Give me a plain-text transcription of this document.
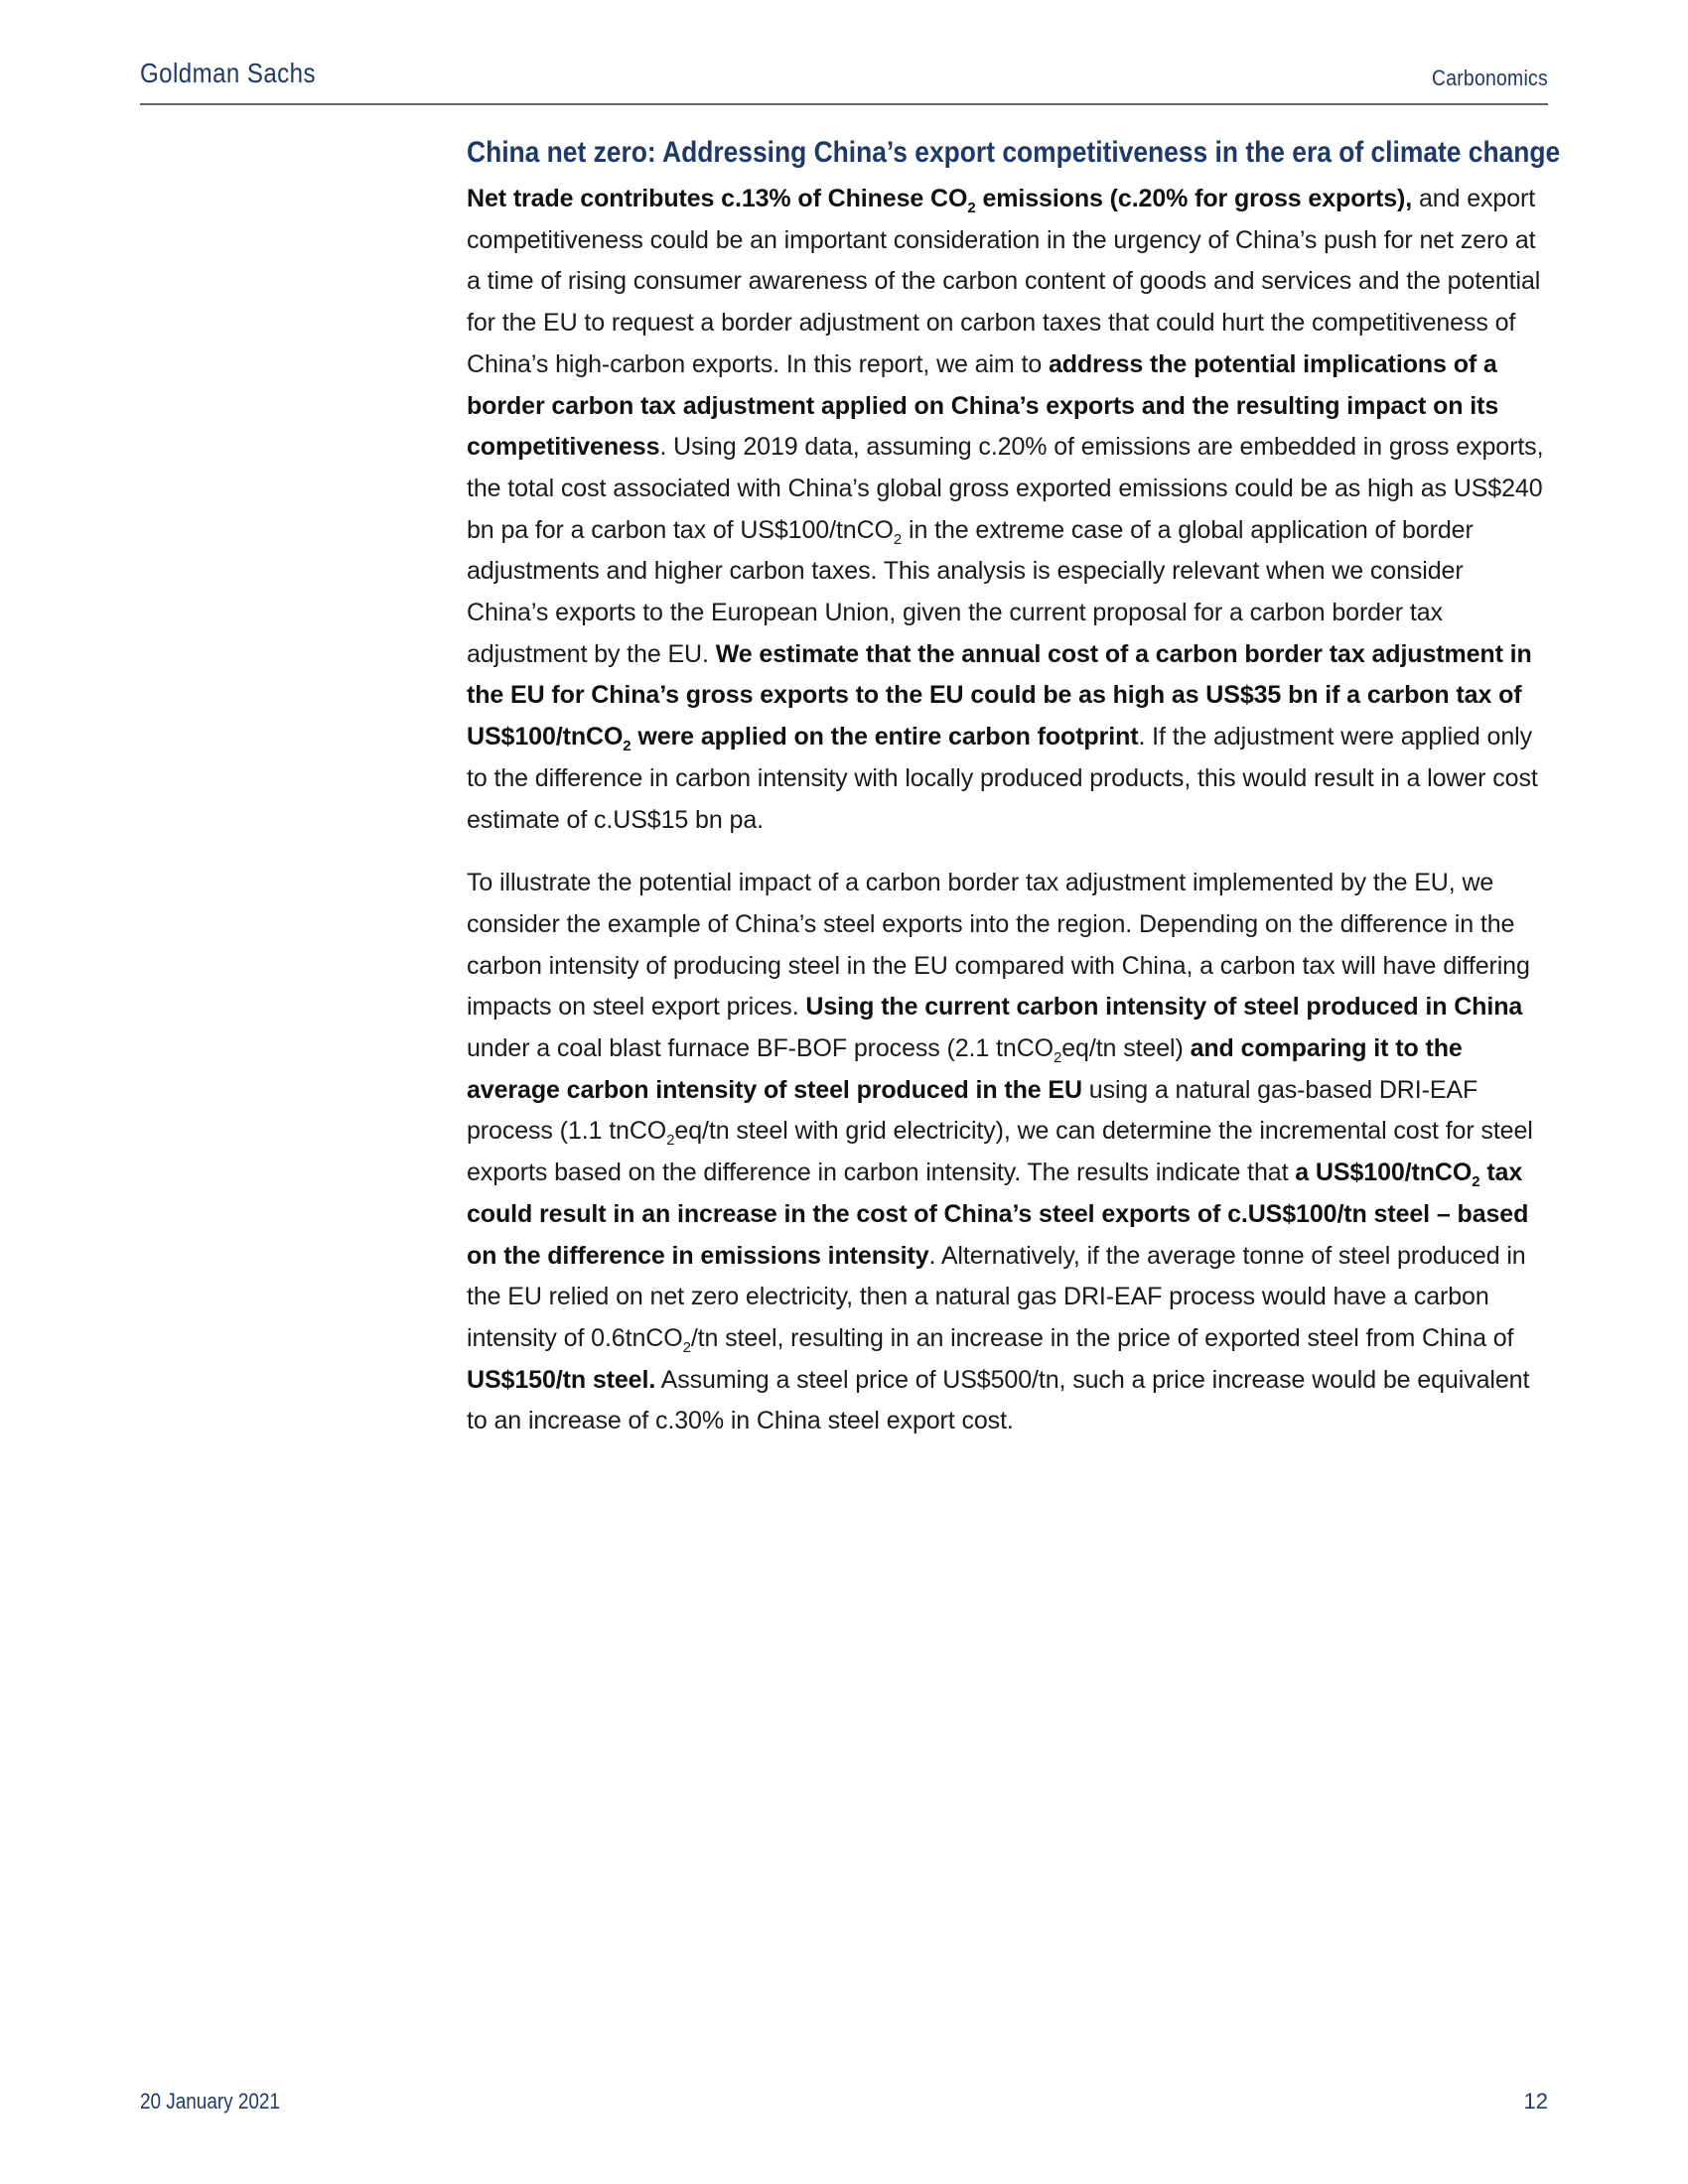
Goldman Sachs	Carbonomics
China net zero: Addressing China’s export competitiveness in the era of climate change

Net trade contributes c.13% of Chinese $CO_2$ emissions (c.20% for gross exports), and export competitiveness could be an important consideration in the urgency of China’s push for net zero at a time of rising consumer awareness of the carbon content of goods and services and the potential for the EU to request a border adjustment on carbon taxes that could hurt the competitiveness of China’s high-carbon exports. In this report, we aim to address the potential implications of a border carbon tax adjustment applied on China’s exports and the resulting impact on its competitiveness. Using 2019 data, assuming c.20% of emissions are embedded in gross exports, the total cost associated with China’s global gross exported emissions could be as high as US$240 bn pa for a carbon tax of US$100/tnCO$_2$ in the extreme case of a global application of border adjustments and higher carbon taxes. This analysis is especially relevant when we consider China’s exports to the European Union, given the current proposal for a carbon border tax adjustment by the EU. We estimate that the annual cost of a carbon border tax adjustment in the EU for China’s gross exports to the EU could be as high as US$35 bn if a carbon tax of US$100/tnCO$_2$ were applied on the entire carbon footprint. If the adjustment were applied only to the difference in carbon intensity with locally produced products, this would result in a lower cost estimate of c.US$15 bn pa.

To illustrate the potential impact of a carbon border tax adjustment implemented by the EU, we consider the example of China’s steel exports into the region. Depending on the difference in the carbon intensity of producing steel in the EU compared with China, a carbon tax will have differing impacts on steel export prices. Using the current carbon intensity of steel produced in China under a coal blast furnace BF-BOF process (2.1 tnCO$_2$eq/tn steel) and comparing it to the average carbon intensity of steel produced in the EU using a natural gas-based DRI-EAF process (1.1 tnCO$_2$eq/tn steel with grid electricity), we can determine the incremental cost for steel exports based on the difference in carbon intensity. The results indicate that a US$100/tnCO$_2$ tax could result in an increase in the cost of China’s steel exports of c.US$100/tn steel – based on the difference in emissions intensity. Alternatively, if the average tonne of steel produced in the EU relied on net zero electricity, then a natural gas DRI-EAF process would have a carbon intensity of 0.6tnCO$_2$/tn steel, resulting in an increase in the price of exported steel from China of US$150/tn steel. Assuming a steel price of US$500/tn, such a price increase would be equivalent to an increase of c.30% in China steel export cost.

20 January 2021	12
